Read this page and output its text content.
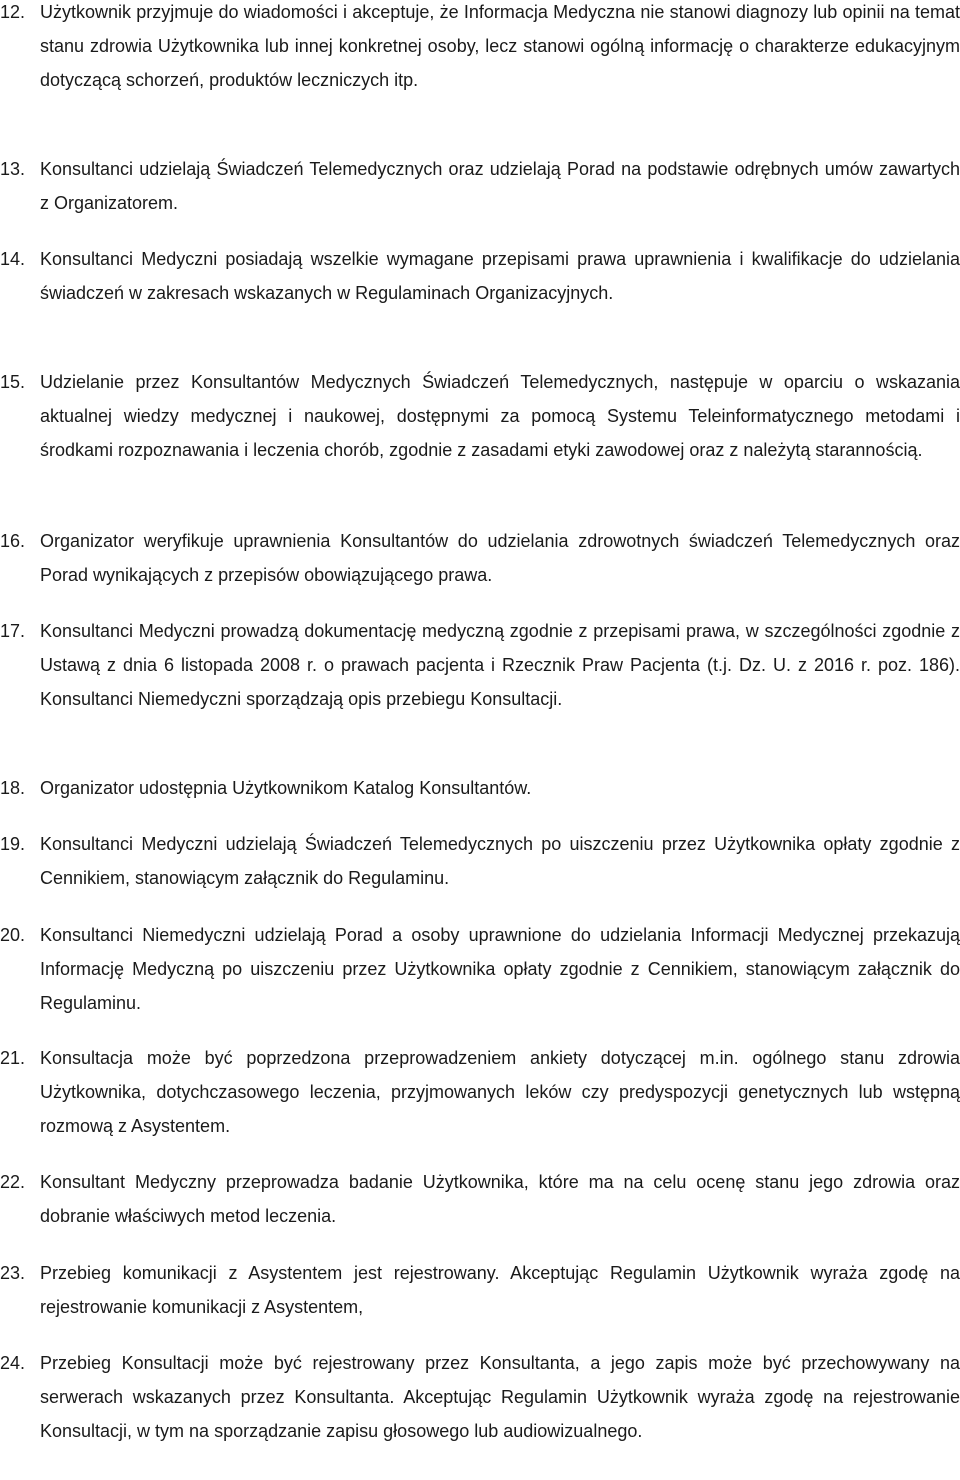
12. Użytkownik przyjmuje do wiadomości i akceptuje, że Informacja Medyczna nie stanowi diagnozy lub opinii na temat stanu zdrowia Użytkownika lub innej konkretnej osoby, lecz stanowi ogólną informację o charakterze edukacyjnym dotyczącą schorzeń, produktów leczniczych itp.
13. Konsultanci udzielają Świadczeń Telemedycznych oraz udzielają Porad na podstawie odrębnych umów zawartych z Organizatorem.
14. Konsultanci Medyczni posiadają wszelkie wymagane przepisami prawa uprawnienia i kwalifikacje do udzielania świadczeń w zakresach wskazanych w Regulaminach Organizacyjnych.
15. Udzielanie przez Konsultantów Medycznych Świadczeń Telemedycznych, następuje w oparciu o wskazania aktualnej wiedzy medycznej i naukowej, dostępnymi za pomocą Systemu Teleinformatycznego metodami i środkami rozpoznawania i leczenia chorób, zgodnie z zasadami etyki zawodowej oraz z należytą starannością.
16. Organizator weryfikuje uprawnienia Konsultantów do udzielania zdrowotnych świadczeń Telemedycznych oraz Porad wynikających z przepisów obowiązującego prawa.
17. Konsultanci Medyczni prowadzą dokumentację medyczną zgodnie z przepisami prawa, w szczególności zgodnie z Ustawą z dnia 6 listopada 2008 r. o prawach pacjenta i Rzecznik Praw Pacjenta (t.j. Dz. U. z 2016 r. poz. 186). Konsultanci Niemedyczni sporządzają opis przebiegu Konsultacji.
18. Organizator udostępnia Użytkownikom Katalog Konsultantów.
19. Konsultanci Medyczni udzielają Świadczeń Telemedycznych po uiszczeniu przez Użytkownika opłaty zgodnie z Cennikiem, stanowiącym załącznik do Regulaminu.
20. Konsultanci Niemedyczni udzielają Porad a osoby uprawnione do udzielania Informacji Medycznej przekazują Informację Medyczną po uiszczeniu przez Użytkownika opłaty zgodnie z Cennikiem, stanowiącym załącznik do Regulaminu.
21. Konsultacja może być poprzedzona przeprowadzeniem ankiety dotyczącej m.in. ogólnego stanu zdrowia Użytkownika, dotychczasowego leczenia, przyjmowanych leków czy predyspozycji genetycznych lub wstępną rozmową z Asystentem.
22. Konsultant Medyczny przeprowadza badanie Użytkownika, które ma na celu ocenę stanu jego zdrowia oraz dobranie właściwych metod leczenia.
23. Przebieg komunikacji z Asystentem jest rejestrowany. Akceptując Regulamin Użytkownik wyraża zgodę na rejestrowanie komunikacji z Asystentem,
24. Przebieg Konsultacji może być rejestrowany przez Konsultanta, a jego zapis może być przechowywany na serwerach wskazanych przez Konsultanta. Akceptując Regulamin Użytkownik wyraża zgodę na rejestrowanie Konsultacji, w tym na sporządzanie zapisu głosowego lub audiowizualnego.
